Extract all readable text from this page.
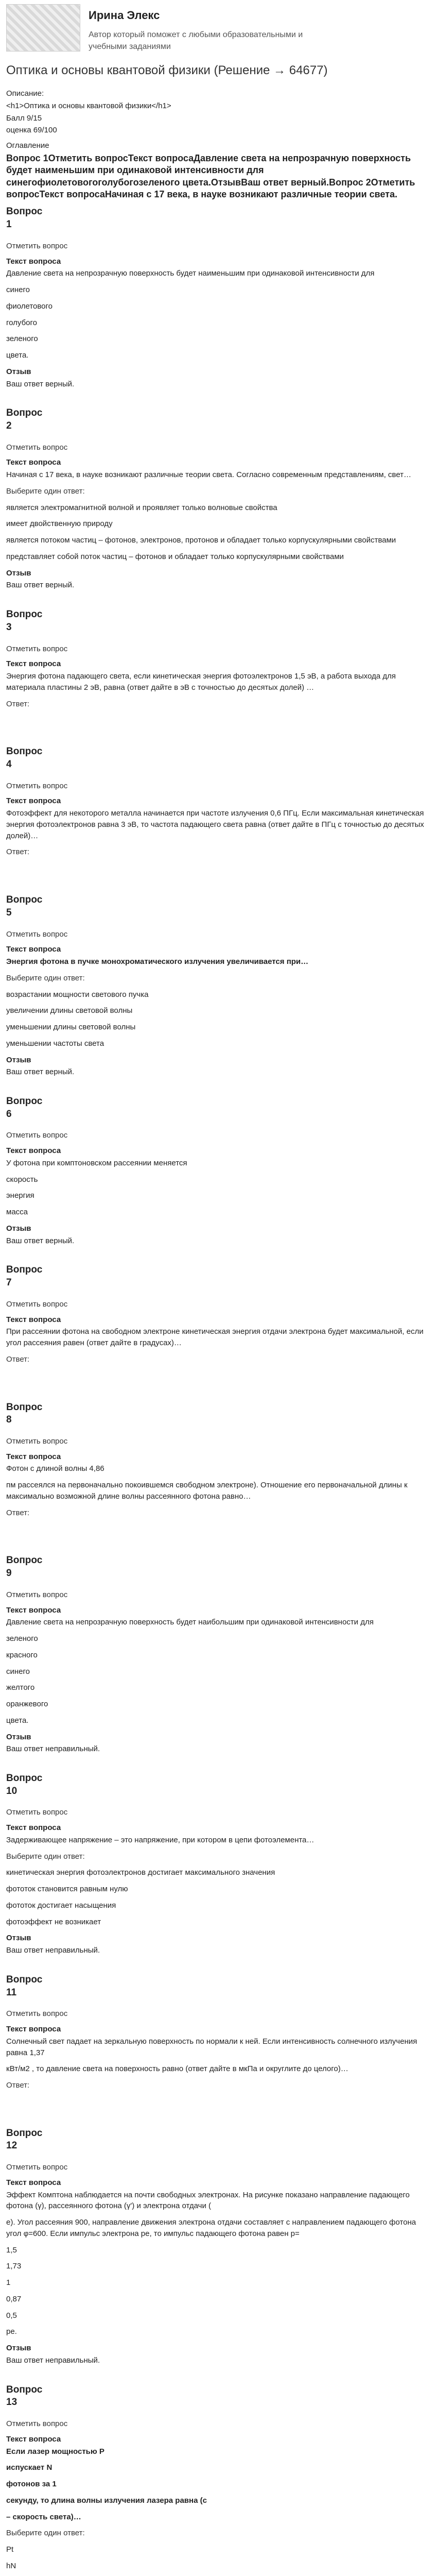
Ирина Элекс
Автор который поможет с любыми образовательными и учебными заданиями
Оптика и основы квантовой физики (Решение → 64677)
Описание:
<h1>Оптика и основы квантовой физики</h1>
Балл 9/15
оценка 69/100
Оглавление
Вопрос 1Отметить вопросТекст вопросаДавление света на непрозрачную поверхность будет наименьшим при одинаковой интенсивности для синегофиолетовогоголубогозеленого цвета.ОтзывВаш ответ верный.Вопрос 2Отметить вопросТекст вопросаНачиная с 17 века, в науке возникают различные теории света.
Вопрос
1
Отметить вопрос
Текст вопроса
Давление света на непрозрачную поверхность будет наименьшим при одинаковой интенсивности для
синего
фиолетового
голубого
зеленого
цвета.
Отзыв
Ваш ответ верный.
Вопрос
2
Отметить вопрос
Текст вопроса
Начиная с 17 века, в науке возникают различные теории света. Согласно современным представлениям, свет…
Выберите один ответ:
является электромагнитной волной и проявляет только волновые свойства
имеет двойственную природу
является потоком частиц – фотонов, электронов, протонов и обладает только корпускулярными свойствами
представляет собой поток частиц – фотонов и обладает только корпускулярными свойствами
Отзыв
Ваш ответ верный.
Вопрос
3
Отметить вопрос
Текст вопроса
Энергия фотона падающего света, если кинетическая энергия фотоэлектронов 1,5 эВ, а работа выхода для материала пластины 2 эВ, равна (ответ дайте в эВ с точностью до десятых долей) …
Ответ:
Вопрос
4
Отметить вопрос
Текст вопроса
Фотоэффект для некоторого металла начинается при частоте излучения 0,6 ПГц. Если максимальная кинетическая энергия фотоэлектронов равна 3 эВ, то частота падающего света равна (ответ дайте в ПГц с точностью до десятых долей)…
Ответ:
Вопрос
5
Отметить вопрос
Текст вопроса
Энергия фотона в пучке монохроматического излучения увеличивается при…
Выберите один ответ:
возрастании мощности светового пучка
увеличении длины световой волны
уменьшении длины световой волны
уменьшении частоты света
Отзыв
Ваш ответ верный.
Вопрос
6
Отметить вопрос
Текст вопроса
У фотона при комптоновском рассеянии меняется
скорость
энергия
масса
Отзыв
Ваш ответ верный.
Вопрос
7
Отметить вопрос
Текст вопроса
При рассеянии фотона на свободном электроне кинетическая энергия отдачи электрона будет максимальной, если угол рассеяния равен (ответ дайте в градусах)…
Ответ:
Вопрос
8
Отметить вопрос
Текст вопроса
Фотон с длиной волны 4,86
пм рассеялся на первоначально покоившемся свободном электроне). Отношение его первоначальной длины к максимально возможной длине волны рассеянного фотона равно…
Ответ:
Вопрос
9
Отметить вопрос
Текст вопроса
Давление света на непрозрачную поверхность будет наибольшим при одинаковой интенсивности для
зеленого
красного
синего
желтого
оранжевого
цвета.
Отзыв
Ваш ответ неправильный.
Вопрос
10
Отметить вопрос
Текст вопроса
Задерживающее напряжение – это напряжение, при котором в цепи фотоэлемента…
Выберите один ответ:
кинетическая энергия фотоэлектронов достигает максимального значения
фототок становится равным нулю
фототок достигает насыщения
фотоэффект не возникает
Отзыв
Ваш ответ неправильный.
Вопрос
11
Отметить вопрос
Текст вопроса
Солнечный свет падает на зеркальную поверхность по нормали к ней. Если интенсивность солнечного излучения равна 1,37
кВт/м2 , то давление света на поверхность равно (ответ дайте в мкПа и округлите до целого)…
Ответ:
Вопрос
12
Отметить вопрос
Текст вопроса
Эффект Комптона наблюдается на почти свободных электронах. На рисунке показано направление падающего фотона (γ), рассеянного фотона (γ') и электрона отдачи (
e). Угол рассеяния 900, направление движения электрона отдачи составляет с направлением падающего фотона угол φ=600. Если импульс электрона pe, то импульс падающего фотона равен p=
1,5
1,73
1
0,87
0,5
pe.
Отзыв
Ваш ответ неправильный.
Вопрос
13
Отметить вопрос
Текст вопроса
Если лазер мощностью P
испускает N
фотонов за 1
секунду, то длина волны излучения лазера равна (c
– скорость света)…
Выберите один ответ:
Pt
hN
